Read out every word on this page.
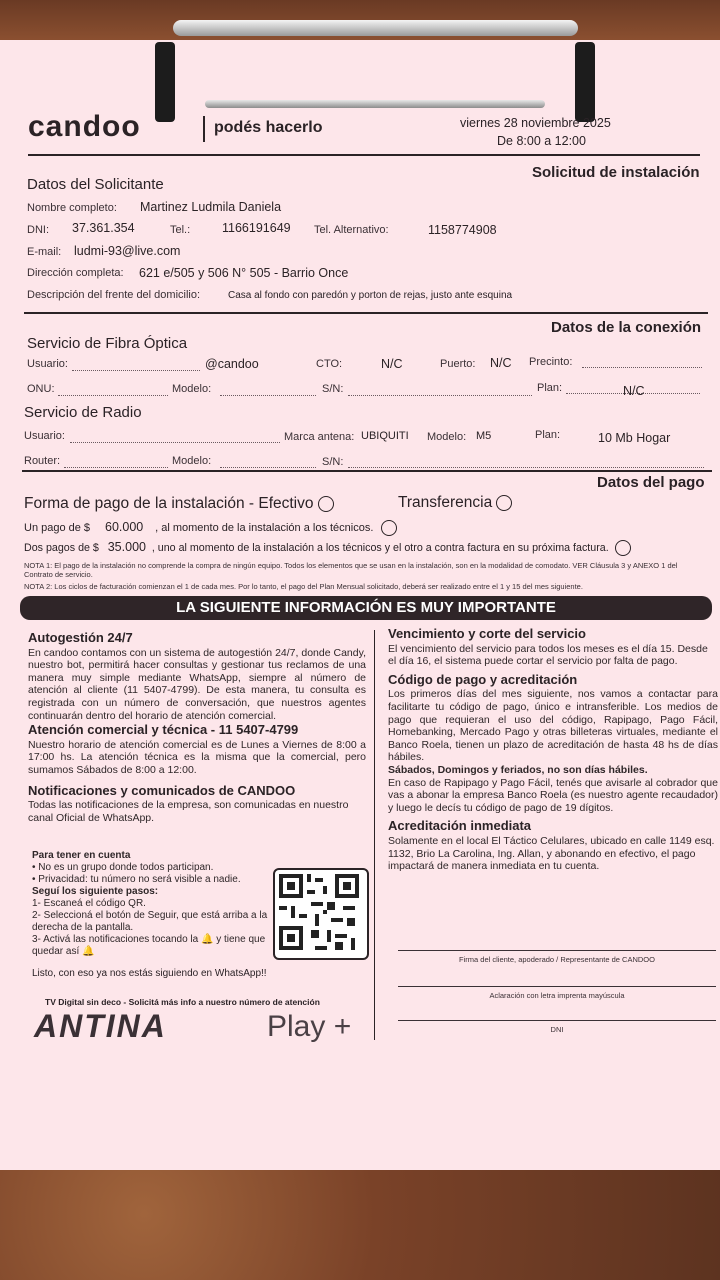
candoo	podés hacerlo	viernes 28 noviembre 2025
De 8:00 a 12:00
Solicitud de instalación
Datos del Solicitante
Nombre completo: Martinez Ludmila Daniela
DNI: 37.361.354	Tel.:	1166191649 Tel. Alternativo:	1158774908
E-mail: ludmi-93@live.com
Dirección completa: 621 e/505 y 506 N° 505 - Barrio Once
Descripción del frente del domicilio:	Casa al fondo con paredón y porton de rejas, justo ante esquina
Datos de la conexión
Servicio de Fibra Óptica
Usuario:	@candoo	CTO:	N/C	Puerto: N/C Precinto:
ONU:	Modelo:	S/N:	Plan:	N/C
Servicio de Radio
Usuario:	Marca antena: UBIQUITI Modelo: M5	Plan:	10 Mb Hogar
Router:	Modelo:	S/N:
Datos del pago
Forma de pago de la instalación - Efectivo	Transferencia
Un pago de $ 60.000 , al momento de la instalación a los técnicos.
Dos pagos de $ 35.000 , uno al momento de la instalación a los técnicos y el otro a contra factura en su próxima factura.
NOTA 1: El pago de la instalación no comprende la compra de ningún equipo. Todos los elementos que se usan en la instalación, son en la modalidad de comodato. VER Cláusula 3 y ANEXO 1 del Contrato de servicio.
NOTA 2: Los ciclos de facturación comienzan el 1 de cada mes. Por lo tanto, el pago del Plan Mensual solicitado, deberá ser realizado entre el 1 y 15 del mes siguiente.
LA SIGUIENTE INFORMACIÓN ES MUY IMPORTANTE
Autogestión 24/7

En candoo contamos con un sistema de autogestión 24/7, donde Candy, nuestro bot, permitirá hacer consultas y gestionar tus reclamos de una manera muy simple mediante WhatsApp, siempre al número de atención al cliente (11 5407-4799). De esta manera, tu consulta es registrada con un número de conversación, que nuestros agentes continuarán dentro del horario de atención comercial.

Atención comercial y técnica - 11 5407-4799

Nuestro horario de atención comercial es de Lunes a Viernes de 8:00 a 17:00 hs. La atención técnica es la misma que la comercial, pero sumamos Sábados de 8:00 a 12:00.

Notificaciones y comunicados de CANDOO

Todas las notificaciones de la empresa, son comunicadas en nuestro canal Oficial de WhatsApp.

Para tener en cuenta

• No es un grupo donde todos participan.

• Privacidad: tu número no será visible a nadie.

Seguí los siguiente pasos:

1- Escaneá el código QR.

2- Seleccioná el botón de Seguir, que está arriba a la derecha de la pantalla.

3- Activá las notificaciones tocando la 🔔 y tiene que quedar así 🔔

Listo, con eso ya nos estás siguiendo en WhatsApp!!
TV Digital sin deco - Solicitá más info a nuestro número de atención
ANTINA	Play +
Vencimiento y corte del servicio

El vencimiento del servicio para todos los meses es el día 15. Desde el día 16, el sistema puede cortar el servicio por falta de pago.

Código de pago y acreditación

Los primeros días del mes siguiente, nos vamos a contactar para facilitarte tu código de pago, único e intransferible. Los medios de pago que requieran el uso del código, Rapipago, Pago Fácil, Homebanking, Mercado Pago y otras billeteras virtuales, mediante el Banco Roela, tienen un plazo de acreditación de hasta 48 hs de días hábiles.

Sábados, Domingos y feriados, no son días hábiles.

En caso de Rapipago y Pago Fácil, tenés que avisarle al cobrador que vas a abonar la empresa Banco Roela (es nuestro agente recaudador) y luego le decís tu código de pago de 19 dígitos.

Acreditación inmediata

Solamente en el local El Táctico Celulares, ubicado en calle 1149 esq. 1132, Brio La Carolina, Ing. Allan, y abonando en efectivo, el pago impactará de manera inmediata en tu cuenta.

Firma del cliente, apoderado / Representante de CANDOO
Aclaración con letra imprenta mayúscula
DNI
